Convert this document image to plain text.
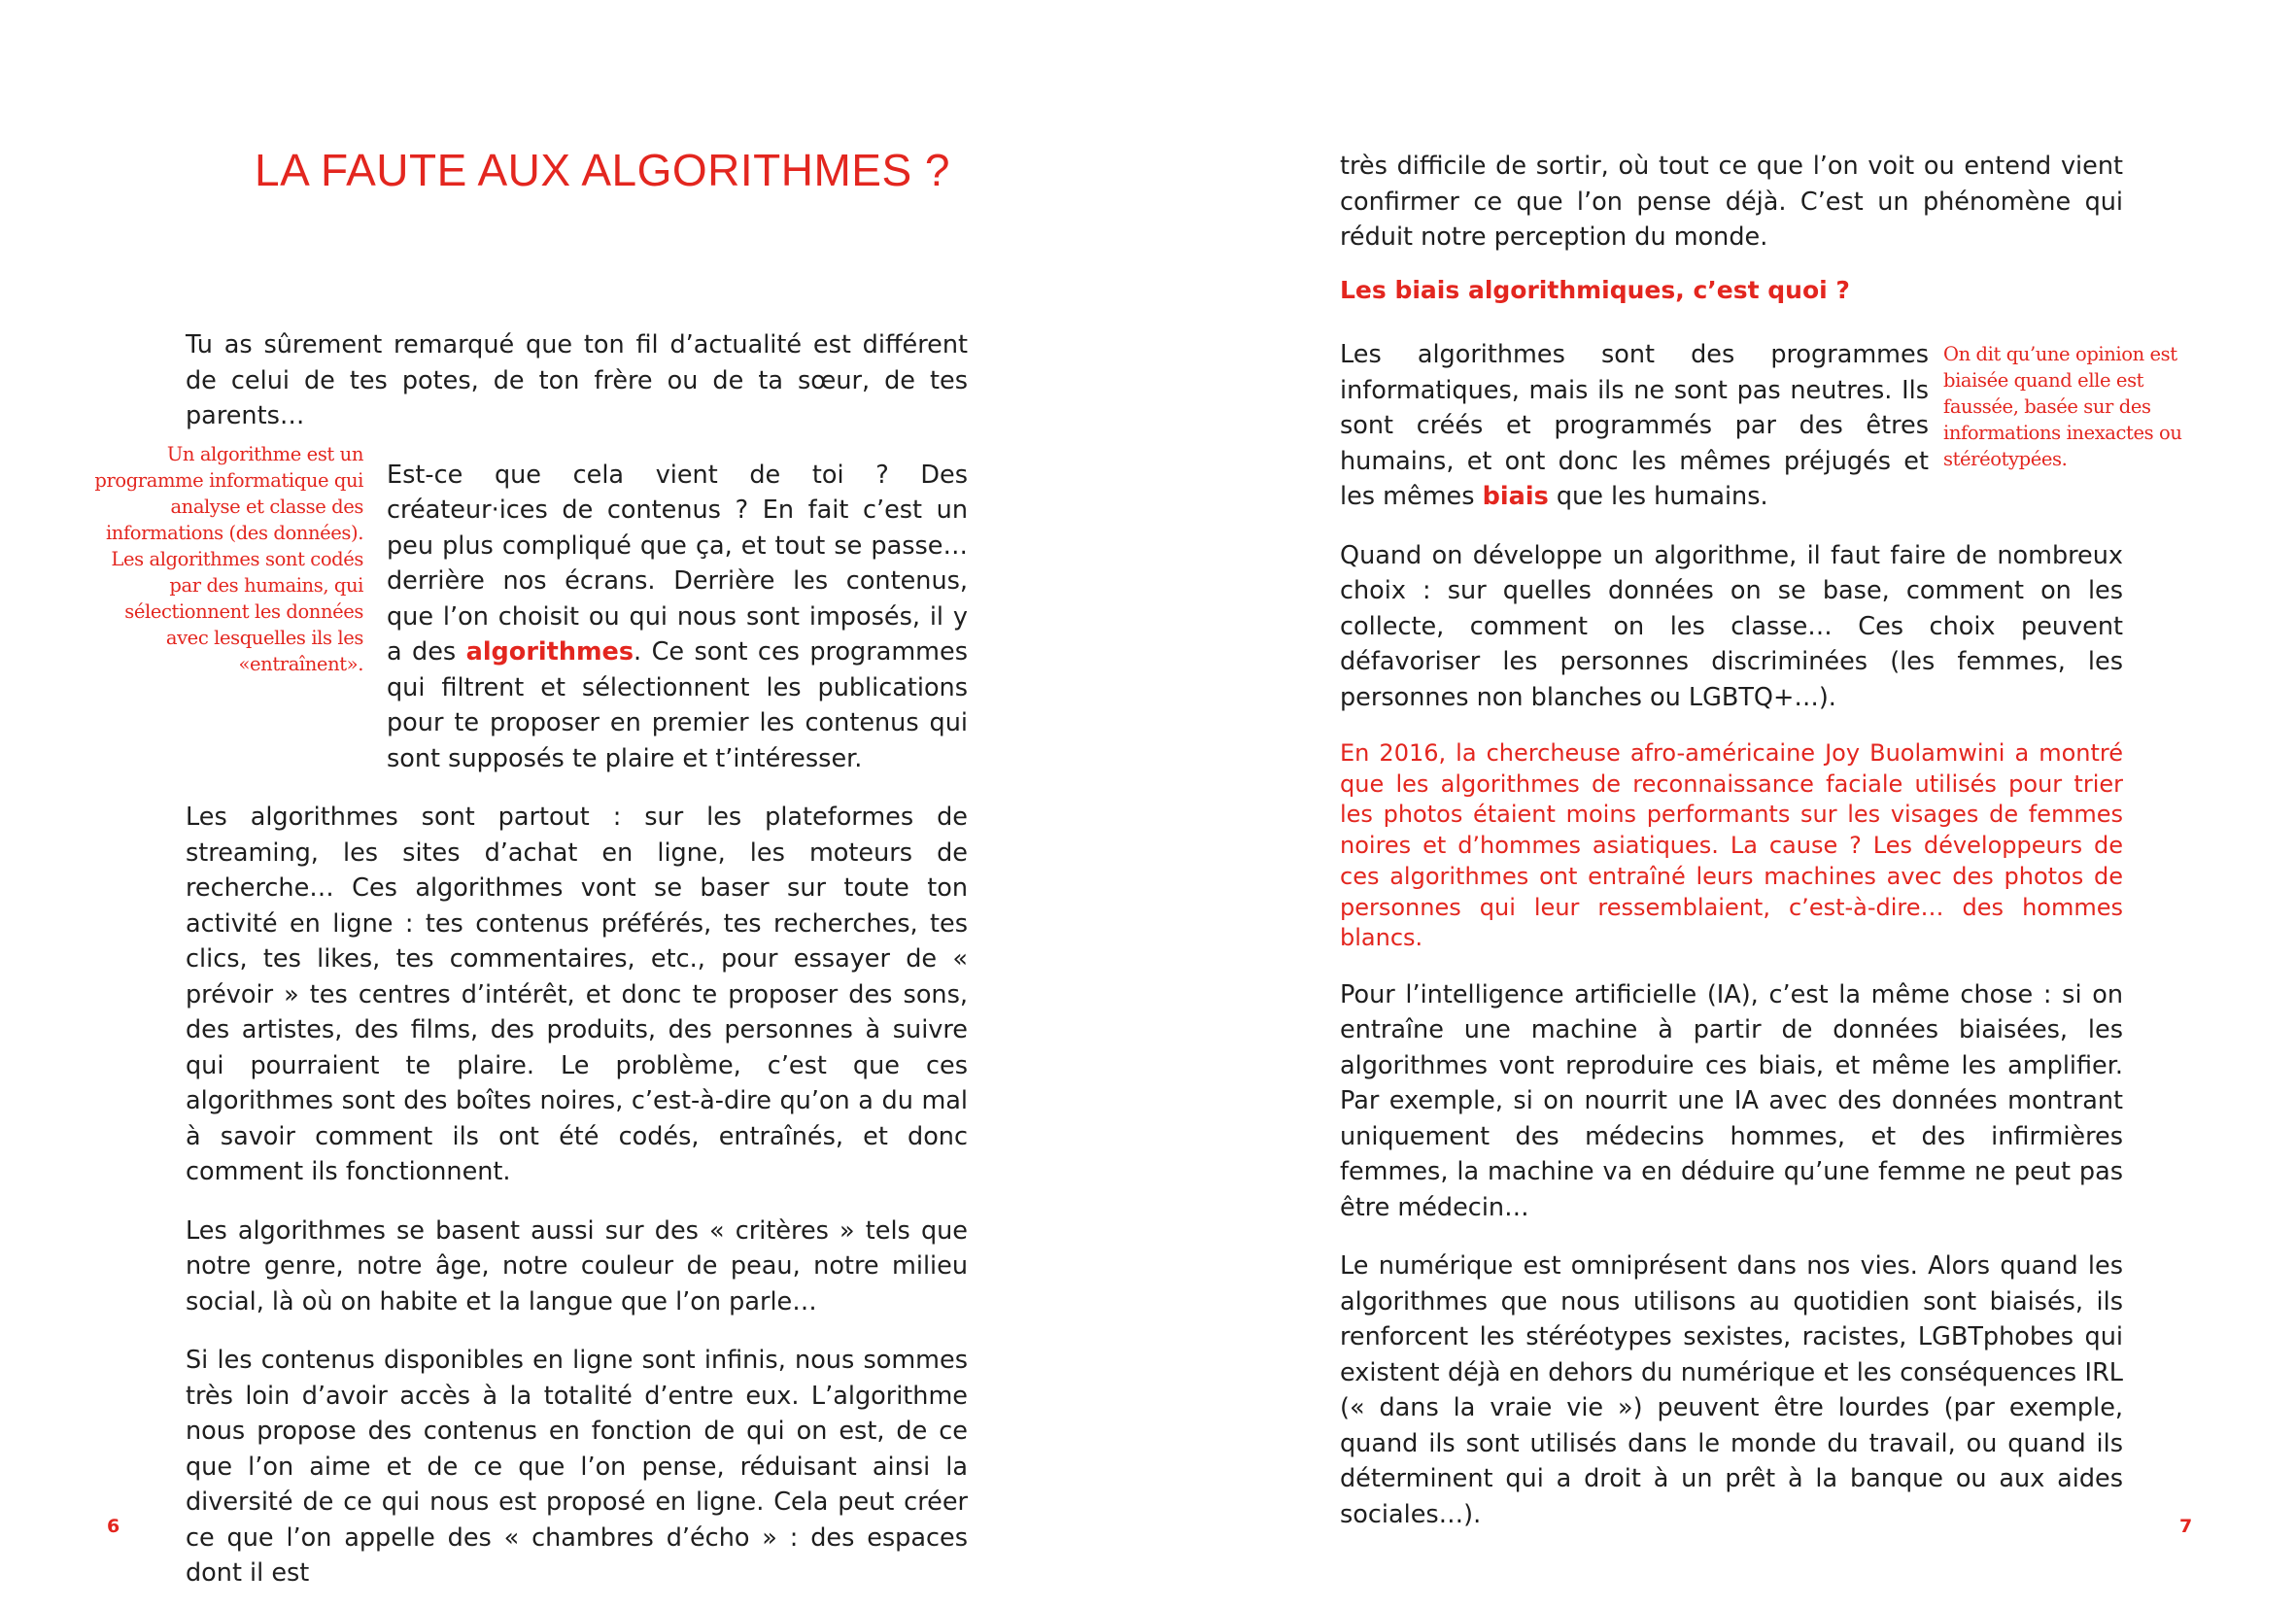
LA FAUTE AUX ALGORITHMES ?
Un algorithme est un programme informatique qui analyse et classe des informations (des données). Les algorithmes sont codés par des humains, qui sélectionnent les données avec lesquelles ils les «entraînent».

Tu as sûrement remarqué que ton fil d’actualité est différent de celui de tes potes, de ton frère ou de ta sœur, de tes parents…

Est-ce que cela vient de toi ? Des créateur·ices de contenus ? En fait c’est un peu plus compliqué que ça, et tout se passe… derrière nos écrans. Derrière les contenus, que l’on choisit ou qui nous sont imposés, il y a des algorithmes. Ce sont ces programmes qui filtrent et sélectionnent les publications pour te proposer en premier les contenus qui sont supposés te plaire et t’intéresser.

Les algorithmes sont partout : sur les plateformes de streaming, les sites d’achat en ligne, les moteurs de recherche… Ces algorithmes vont se baser sur toute ton activité en ligne : tes contenus préférés, tes recherches, tes clics, tes likes, tes commentaires, etc., pour essayer de « prévoir » tes centres d’intérêt, et donc te proposer des sons, des artistes, des films, des produits, des personnes à suivre qui pourraient te plaire. Le problème, c’est que ces algorithmes sont des boîtes noires, c’est-à-dire qu’on a du mal à savoir comment ils ont été codés, entraînés, et donc comment ils fonctionnent.

Les algorithmes se basent aussi sur des « critères » tels que notre genre, notre âge, notre couleur de peau, notre milieu social, là où on habite et la langue que l’on parle…

Si les contenus disponibles en ligne sont infinis, nous sommes très loin d’avoir accès à la totalité d’entre eux. L’algorithme nous propose des contenus en fonction de qui on est, de ce que l’on aime et de ce que l’on pense, réduisant ainsi la diversité de ce qui nous est proposé en ligne. Cela peut créer ce que l’on appelle des « chambres d’écho » : des espaces dont il est

6
On dit qu’une opinion est biaisée quand elle est faussée, basée sur des informations inexactes ou stéréotypées.

très difficile de sortir, où tout ce que l’on voit ou entend vient confirmer ce que l’on pense déjà. C’est un phénomène qui réduit notre perception du monde.

Les biais algorithmiques, c’est quoi ?

Les algorithmes sont des programmes informatiques, mais ils ne sont pas neutres. Ils sont créés et programmés par des êtres humains, et ont donc les mêmes préjugés et les mêmes biais que les humains.

Quand on développe un algorithme, il faut faire de nombreux choix : sur quelles données on se base, comment on les collecte, comment on les classe… Ces choix peuvent défavoriser les personnes discriminées (les femmes, les personnes non blanches ou LGBTQ+…).

En 2016, la chercheuse afro-américaine Joy Buolamwini a montré que les algorithmes de reconnaissance faciale utilisés pour trier les photos étaient moins performants sur les visages de femmes noires et d’hommes asiatiques. La cause ? Les développeurs de ces algorithmes ont entraîné leurs machines avec des photos de personnes qui leur ressemblaient, c’est-à-dire… des hommes blancs.

Pour l’intelligence artificielle (IA), c’est la même chose : si on entraîne une machine à partir de données biaisées, les algorithmes vont reproduire ces biais, et même les amplifier. Par exemple, si on nourrit une IA avec des données montrant uniquement des médecins hommes, et des infirmières femmes, la machine va en déduire qu’une femme ne peut pas être médecin…

Le numérique est omniprésent dans nos vies. Alors quand les algorithmes que nous utilisons au quotidien sont biaisés, ils renforcent les stéréotypes sexistes, racistes, LGBTphobes qui existent déjà en dehors du numérique et les conséquences IRL (« dans la vraie vie ») peuvent être lourdes (par exemple, quand ils sont utilisés dans le monde du travail, ou quand ils déterminent qui a droit à un prêt à la banque ou aux aides sociales…).	7
